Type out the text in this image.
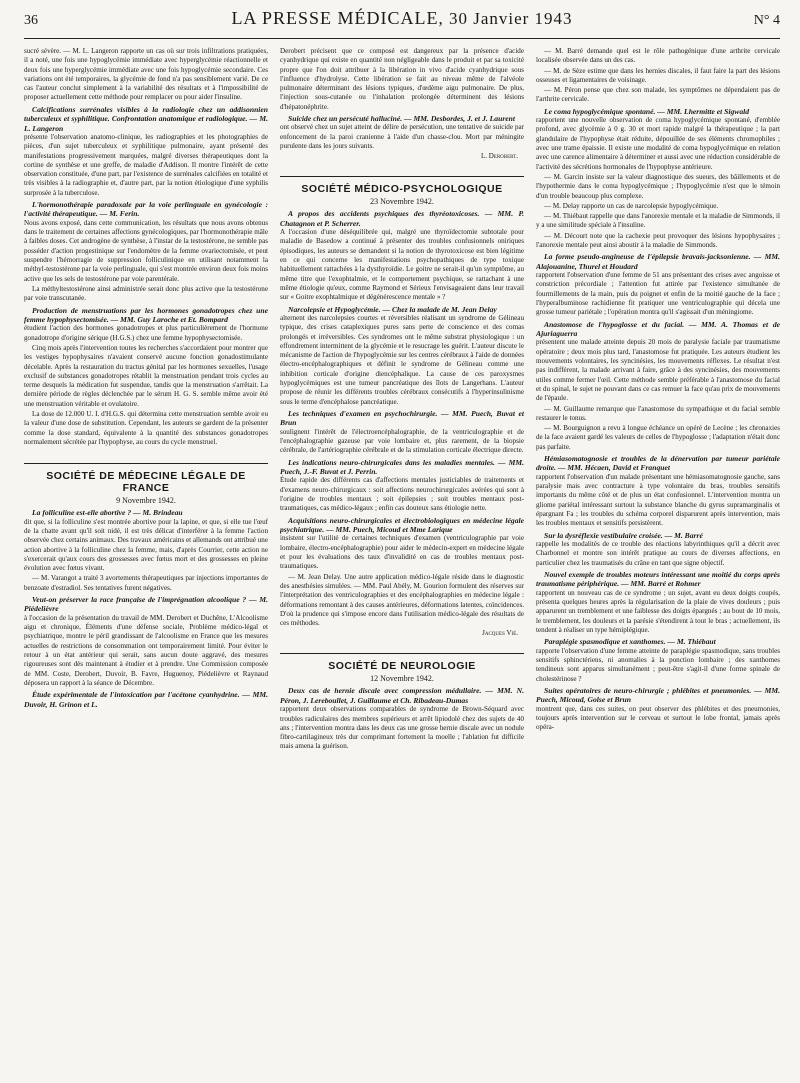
36	LA PRESSE MÉDICALE, 30 Janvier 1943	N° 4

sucré sévère. — M. L. Langeron rapporte un cas où sur trois infiltrations pratiquées, il a noté, une fois une hypoglycémie immédiate avec hyperglycémie réactionnelle et deux fois une hyperglycémie immédiate avec une fois hypoglycémie secondaire. Ces variations ont été temporaires, la glycémie de fond n'a pas sensiblement varié. De ce cas l'auteur conclut simplement à la variabilité des résultats et à l'impossibilité de proposer actuellement cette méthode pour remplacer ou pour aider l'insuline.

Calcifications surrénales visibles à la radiologie chez un addisonnien tuberculeux et syphilitique. Confrontation anatomique et radiologique. — M. L. Langeron

présente l'observation anatomo-clinique, les radiographies et les photographies de pièces, d'un sujet tuberculeux et syphilitique pulmonaire, ayant présenté des manifestations progressivement marquées, malgré diverses thérapeutiques dont la cortine de synthèse et une greffe, de maladie d'Addison. Il montre l'intérêt de cette observation constituée, d'une part, par l'existence de surrénales calcifiées en totalité et très visibles à la radiographie et, d'autre part, par la notion étiologique d'une syphilis surprosée à la tuberculose.

L'hormonothérapie paradoxale par la voie perlinguale en gynécologie : l'activité thérapeutique. — M. Ferin.

Nous avons exposé, dans cette communication, les résultats que nous avons obtenus dans le traitement de certaines affections gynécologiques, par l'hormonothérapie mâle à faibles doses. Cet androgène de synthèse, à l'instar de la testostérone, ne semble pas posséder d'action progestinique sur l'endomètre de la femme ovariectomisée, et peut suspendre l'hémorragie de suppression folliculinique en utilisant notamment la méthyl-testostérone par la voie perlinguale, qui s'est montrée environ deux fois moins active que les sels de testostérone par voie parentérale.

La méthyltestostérone ainsi administrée serait donc plus active que la testostérone par voie transcutanée.

Production de menstruations par les hormones gonadotropes chez une femme hypophysectomisée. — MM. Guy Laroche et Et. Bompard

étudient l'action des hormones gonadotropes et plus particulièrement de l'hormone gonadotrope d'origine sérique (H.G.S.) chez une femme hypophysectomisée.

Cinq mois après l'intervention toutes les recherches s'accordaient pour montrer que les vestiges hypophysaires n'avaient conservé aucune fonction gonadostimulante décelable. Après la restauration du tractus génital par les hormones sexuelles, l'usage exclusif de substances gonadotropes rétablit la menstruation pendant trois cycles au terme desquels la médication fut suspendue, tandis que la menstruation s'arrêtait. La dernière période de règles déclenchée par le sérum H. G. S. semble même avoir été une menstruation véritable et ovulatoire.

La dose de 12.000 U. I. d'H.G.S. qui détermina cette menstruation semble avoir eu la valeur d'une dose de substitution. Cependant, les auteurs se gardent de la présenter comme la dose standard, équivalente à la quantité des substances gonadotropes normalement sécrétée par l'hypophyse, au cours du cycle menstruel.

SOCIÉTÉ DE MÉDECINE LÉGALE DE FRANCE
9 Novembre 1942.
La folliculine est-elle abortive ? — M. Brindeau

dit que, si la folliculine s'est montrée abortive pour la lapine, et que, si elle tue l'œuf de la chatte avant qu'il soit nidé, il est très délicat d'interférer à la femme l'action observée chez certains animaux. Des travaux américains et allemands ont attribué une action abortive à la folliculine chez la femme, mais, d'après Courrier, cette action ne s'exercerait qu'aux cours des grossesses avec fœtus mort et des grossesses en pleine évolution avec fœtus vivant.

— M. Varangot a traité 3 avortements thérapeutiques par injections importantes de benzoate d'estradiol. Ses tentatives furent négatives.

Veut-on préserver la race française de l'imprégnation alcoolique ? — M. Piédelièvre

à l'occasion de la présentation du travail de MM. Derobert et Duchêne, L'Alcoolisme aigu et chronique, Éléments d'une défense sociale, Problème médico-légal et psychiatrique, montre le péril grandissant de l'alcoolisme en France que les mesures actuelles de restrictions de consommation ont temporairement limité. Pour éviter le retour à un état antérieur qui serait, sans aucun doute aggravé, des mesures rigoureuses sont dès maintenant à étudier et à prendre. Une Commission composée de MM. Coste, Derobert, Duvoir, B. Favre, Huguenoy, Piédelièvre et Raynaud déposera un rapport à la séance de Décembre.

Étude expérimentale de l'intoxication par l'acétone cyanhydrine. — MM. Duvoir, H. Grinon et L.

Derobert précisent que ce composé est dangereux par la présence d'acide cyanhydrique qui existe en quantité non négligeable dans le produit et par sa toxicité propre que l'on doit attribuer à la libération in vivo d'acide cyanhydrique sous l'influence d'hydrolyse. Cette libération se fait au niveau même de l'alvéole pulmonaire déterminant des lésions typiques, d'œdème aigu pulmonaire. De plus, l'injection sous-cutanée ou l'inhalation prolongée déterminent des lésions d'hépatonéphrite.

Suicide chez un persécuté halluciné. — MM. Desbordes, J. et J. Laurent

ont observé chez un sujet atteint de délire de persécution, une tentative de suicide par enfoncement de la paroi cranienne à l'aide d'un chasse-clou. Mort par méningite purulente dans les jours suivants.

L. Derobert.
SOCIÉTÉ MÉDICO-PSYCHOLOGIQUE
23 Novembre 1942.
A propos des accidents psychiques des thyréotoxicoses. — MM. P. Chatagnon et P. Scherrer.

A l'occasion d'une déséquilibrée qui, malgré une thyroïdectomie subtotale pour maladie de Basedow a continué à présenter des troubles confusionnels oniriques épisodiques, les auteurs se demandent si la notion de thyrotoxicose est bien légitime en ce qui concerne les manifestations psychopathiques de type toxique habituellement rattachées à la dysthyroïdie. Le goitre ne serait-il qu'un symptôme, au même titre que l'exophtalmie, et le comportement psychique, se rattachant à une même étiologie qu'eux, comme Raymond et Sérieux l'envisageaient dans leur travail sur « Goitre exophtalmique et dégénérescence mentale » ?

Narcolepsie et Hypoglycémie. — Chez la malade de M. Jean Delay

alternent des narcolepsies courtes et réversibles réalisant un syndrome de Gélineau typique, des crises cataplexiques pures sans perte de conscience et des comas prolongés et irréversibles. Ces syndromes ont le même substrat physiologique : un effondrement intermittent de la glycémie et le resucrage les guérit. L'auteur discute le mécanisme de l'action de l'hypoglycémie sur les centres cérébraux à l'aide de données électro-encéphalographiques et définit le syndrome de Gélineau comme une inhibition corticale d'origine diencéphalique. La cause de ces paroxysmes hypoglycémiques est une tumeur pancréatique des îlots de Langerhans. L'auteur propose de réunir les différents troubles cérébraux consécutifs à l'hyperinsulinisme sous le terme d'encéphalose pancréatique.

Les techniques d'examen en psychochirurgie. — MM. Puech, Buvat et Brun

soulignent l'intérêt de l'électroencéphalographie, de la ventriculographie et de l'encéphalographie gazeuse par voie lombaire et, plus rarement, de la biopsie cérébrale, de l'artériographie cérébrale et de la stimulation corticale électrique directe.

Les indications neuro-chirurgicales dans les maladies mentales. — MM. Puech, J.-F. Buvat et J. Perrin.

Étude rapide des différents cas d'affections mentales justiciables de traitements et d'examens neuro-chirurgicaux : soit affections neurochirurgicales avérées qui sont à l'origine de troubles mentaux ; soit épilepsies ; soit troubles mentaux post-traumatiques, cas médico-légaux ; enfin cas douteux sans étiologie nette.

Acquisitions neuro-chirurgicales et électrobiologiques en médecine légale psychiatrique. — MM. Puech, Micoud et Mme Larique

insistent sur l'utilité de certaines techniques d'examen (ventriculographie par voie lombaire, électro-encéphalographie) pour aider le médecin-expert en médecine légale et pour les évaluations des taux d'invalidité en cas de troubles mentaux post-traumatiques.

— M. Jean Delay. Une autre application médico-légale réside dans le diagnostic des anesthésies simulées. — MM. Paul Abély, M. Gourion formulent des réserves sur l'interprétation des ventriculographies et des encéphalographies en médecine légale : déformations remontant à des causes antérieures, déformations latentes, coïncidences. D'où la prudence qui s'impose encore dans l'utilisation médico-légale des résultats de ces méthodes.

Jacques Vié.
SOCIÉTÉ DE NEUROLOGIE
12 Novembre 1942.
Deux cas de hernie discale avec compression médullaire. — MM. N. Péron, J. Lereboullet, J. Guillaume et Ch. Ribadeau-Dumas

rapportent deux observations comparables de syndrome de Brown-Séquard avec troubles radiculaires des membres supérieurs et arrêt lipiodolé chez des sujets de 40 ans ; l'intervention montra dans les deux cas une grosse hernie discale avec un nodule fibro-cartilagineux très dur comprimant fortement la moelle ; l'ablation fut difficile mais amena la guérison.

— M. Barré demande quel est le rôle pathogénique d'une arthrite cervicale localisée observée dans un des cas.

— M. de Sèze estime que dans les hernies discales, il faut faire la part des lésions osseuses et ligamentaires de voisinage.

— M. Péron pense que chez son malade, les symptômes ne dépendaient pas de l'arthrite cervicale.

Le coma hypoglycémique spontané. — MM. Lhermitte et Sigwald

rapportent une nouvelle observation de coma hypoglycémique spontané, d'emblée profond, avec glycémie à 0 g. 30 et mort rapide malgré la thérapeutique ; la part glandulaire de l'hypophyse était réduite, dépouillée de ses éléments chromophiles ; avec une trame épaissie. Il existe une modalité de coma hypoglycémique en relation avec une carence alimentaire à déterminer et aussi avec une réduction considérable de l'activité des sécrétions hormonales de l'hypophyse antérieure.

— M. Garcin insiste sur la valeur diagnostique des sueurs, des bâillements et de l'hypothermie dans le coma hypoglycémique ; l'hypoglycémie n'est que le témoin d'un trouble beaucoup plus complexe.

— M. Delay rapporte un cas de narcolepsie hypoglycémique.

— M. Thiébaut rappelle que dans l'anorexie mentale et la maladie de Simmonds, il y a une similitude spéciale à l'insuline.

— M. Décourt note que la cachexie peut provoquer des lésions hypophysaires ; l'anorexie mentale peut ainsi aboutir à la maladie de Simmonds.

La forme pseudo-angineuse de l'épilepsie bravais-jacksonienne. — MM. Alajouanine, Thurel et Houdard

rapportent l'observation d'une femme de 51 ans présentant des crises avec angoisse et constriction précordiale ; l'attention fut attirée par l'existence simultanée de fourmillements de la main, puis du poignet et enfin de la moitié gauche de la face ; l'hyperalbuminose rachidienne fit pratiquer une ventriculographie qui décela une grosse tumeur pariétale ; l'opération montra qu'il s'agissait d'un méningiome.

Anastomose de l'hypoglosse et du facial. — MM. A. Thomas et de Ajuriaguerra

présentent une malade atteinte depuis 20 mois de paralysie faciale par traumatisme opératoire ; deux mois plus tard, l'anastomose fut pratiquée. Les auteurs étudient les mouvements volontaires, les syncinésies, les mouvements réflexes. Le résultat n'est pas indifférent, la malade arrivant à faire, grâce à des syncinésies, des mouvements utiles comme fermer l'œil. Cette méthode semble préférable à l'anastomose du facial et du spinal, le sujet ne pouvant dans ce cas remuer la face qu'au prix de mouvements de l'épaule.

— M. Guillaume remarque que l'anastomose du sympathique et du facial semble restaurer le tonus.

— M. Bourguignon a revu à longue échéance un opéré de Lecène ; les chronaxies de la face avaient gardé les valeurs de celles de l'hypoglosse ; l'adaptation n'était donc pas parfaite.

Hémiasomatognosie et troubles de la dénervation par tumeur pariétale droite. — MM. Hécaen, David et Franquet

rapportent l'observation d'un malade présentant une hémiasomatognosie gauche, sans paralysie mais avec contracture à type volontaire du bras, troubles sensitifs importants du même côté et de plus un état confusionnel. L'intervention montra un gliome pariétal intéressant surtout la substance blanche du gyrus supramarginalis et épargnant Fa ; les troubles du schéma corporel disparurent après intervention, mais les troubles mentaux et sensitifs persistèrent.

Sur la dysréflexie vestibulaire croisée. — M. Barré

rappelle les modalités de ce trouble des réactions labyrinthiques qu'il a décrit avec Charbonnel et montre son intérêt pratique au cours de diverses affections, en particulier chez les traumatisés du crâne en tant que signe objectif.

Nouvel exemple de troubles moteurs intéressant une moitié du corps après traumatisme périphérique. — MM. Barré et Rohmer

rapportent un nouveau cas de ce syndrome ; un sujet, avant eu deux doigts coupés, présenta quelques heures après la régularisation de la plaie de vives douleurs ; puis apparurent un tremblement et une faiblesse des doigts épargnés ; au bout de 10 mois, le tremblement, les douleurs et la parésie s'étendirent à tout le bras ; actuellement, ils tendent à réaliser un type hémiplégique.

Paraplégie spasmodique et xanthomes. — M. Thiébaut

rapporte l'observation d'une femme atteinte de paraplégie spasmodique, sans troubles sensitifs sphinctériens, ni anomalies à la ponction lombaire ; des xanthomes tendineux sont apparus simultanément ; peut-être s'agit-il d'une forme spinale de cholestérinose ?

Suites opératoires de neuro-chirurgie ; phlébites et pneumonies. — MM. Puech, Micoud, Golse et Brun

montrent que, dans ces suites, on peut observer des phlébites et des pneumonies, toujours après intervention sur le cerveau et surtout le lobe frontal, jamais après opéra-
